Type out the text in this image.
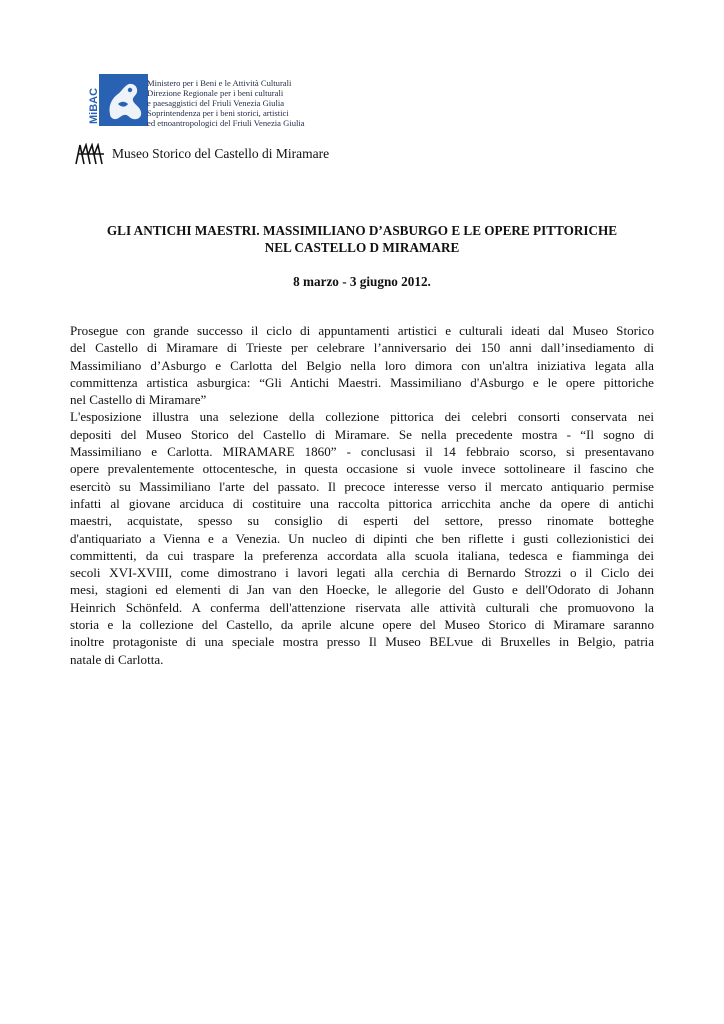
MiBAC
Ministero per i Beni e le Attività Culturali
Direzione Regionale per i beni culturali
e paesaggistici del Friuli Venezia Giulia
Soprintendenza per i beni storici, artistici
ed etnoantropologici del Friuli Venezia Giulia
Museo Storico del Castello di Miramare
GLI ANTICHI MAESTRI. MASSIMILIANO D’ASBURGO E LE OPERE PITTORICHE
NEL CASTELLO D MIRAMARE
8 marzo - 3 giugno 2012.
Prosegue con grande successo il ciclo di appuntamenti artistici e culturali ideati dal Museo Storico
del Castello di Miramare di Trieste per celebrare l’anniversario dei 150 anni dall’insediamento di
Massimiliano d’Asburgo e Carlotta del Belgio nella loro dimora con un'altra iniziativa legata alla
committenza artistica asburgica: “Gli Antichi Maestri. Massimiliano d'Asburgo e le opere pittoriche
nel Castello di Miramare”
L'esposizione illustra una selezione della collezione pittorica dei celebri consorti conservata nei
depositi del Museo Storico del Castello di Miramare. Se nella precedente mostra - “Il sogno di
Massimiliano e Carlotta. MIRAMARE 1860” - conclusasi il 14 febbraio scorso, si presentavano
opere prevalentemente ottocentesche, in questa occasione si vuole invece sottolineare il fascino che
esercitò su Massimiliano l'arte del passato. Il precoce interesse verso il mercato antiquario permise
infatti al giovane arciduca di costituire una raccolta pittorica arricchita anche da opere di antichi
maestri, acquistate, spesso su consiglio di esperti del settore, presso rinomate botteghe
d'antiquariato a Vienna e a Venezia. Un nucleo di dipinti che ben riflette i gusti collezionistici dei
committenti, da cui traspare la preferenza accordata alla scuola italiana, tedesca e fiamminga dei
secoli XVI-XVIII, come dimostrano i lavori legati alla cerchia di Bernardo Strozzi o il Ciclo dei
mesi, stagioni ed elementi di Jan van den Hoecke, le allegorie del Gusto e dell'Odorato di Johann
Heinrich Schönfeld. A conferma dell'attenzione riservata alle attività culturali che promuovono la
storia e la collezione del Castello, da aprile alcune opere del Museo Storico di Miramare saranno
inoltre protagoniste di una speciale mostra presso Il Museo BELvue di Bruxelles in Belgio, patria
natale di Carlotta.
